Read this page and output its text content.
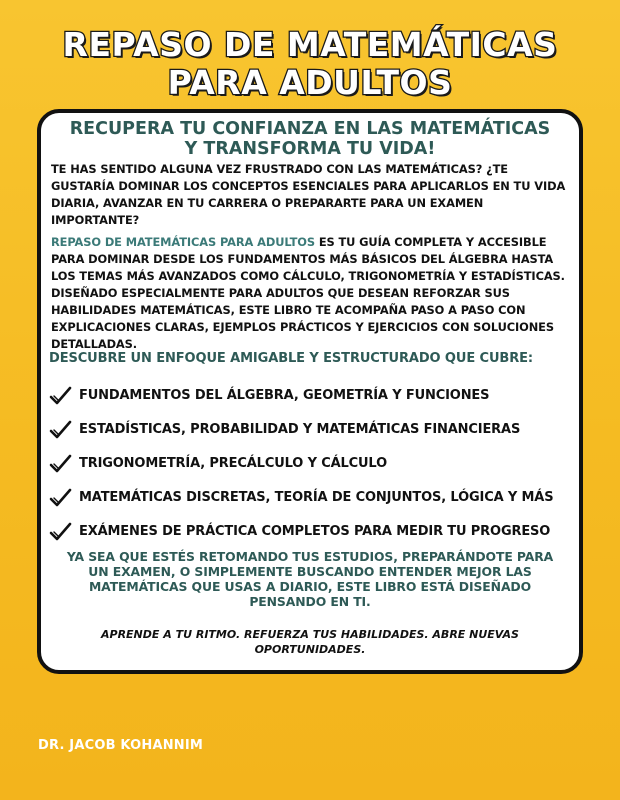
REPASO DE MATEMÁTICAS
PARA ADULTOS
RECUPERA TU CONFIANZA EN LAS MATEMÁTICAS
Y TRANSFORMA TU VIDA!

TE HAS SENTIDO ALGUNA VEZ FRUSTRADO CON LAS MATEMÁTICAS? ¿TE GUSTARÍA DOMINAR LOS CONCEPTOS ESENCIALES PARA APLICARLOS EN TU VIDA DIARIA, AVANZAR EN TU CARRERA O PREPARARTE PARA UN EXAMEN IMPORTANTE?

REPASO DE MATEMÁTICAS PARA ADULTOS ES TU GUÍA COMPLETA Y ACCESIBLE PARA DOMINAR DESDE LOS FUNDAMENTOS MÁS BÁSICOS DEL ÁLGEBRA HASTA LOS TEMAS MÁS AVANZADOS COMO CÁLCULO, TRIGONOMETRÍA Y ESTADÍSTICAS. DISEÑADO ESPECIALMENTE PARA ADULTOS QUE DESEAN REFORZAR SUS HABILIDADES MATEMÁTICAS, ESTE LIBRO TE ACOMPAÑA PASO A PASO CON EXPLICACIONES CLARAS, EJEMPLOS PRÁCTICOS Y EJERCICIOS CON SOLUCIONES DETALLADAS.

DESCUBRE UN ENFOQUE AMIGABLE Y ESTRUCTURADO QUE CUBRE:
FUNDAMENTOS DEL ÁLGEBRA, GEOMETRÍA Y FUNCIONES
ESTADÍSTICAS, PROBABILIDAD Y MATEMÁTICAS FINANCIERAS
TRIGONOMETRÍA, PRECÁLCULO Y CÁLCULO
MATEMÁTICAS DISCRETAS, TEORÍA DE CONJUNTOS, LÓGICA Y MÁS
EXÁMENES DE PRÁCTICA COMPLETOS PARA MEDIR TU PROGRESO

YA SEA QUE ESTÉS RETOMANDO TUS ESTUDIOS, PREPARÁNDOTE PARA UN EXAMEN, O SIMPLEMENTE BUSCANDO ENTENDER MEJOR LAS MATEMÁTICAS QUE USAS A DIARIO, ESTE LIBRO ESTÁ DISEÑADO PENSANDO EN TI.

APRENDE A TU RITMO. REFUERZA TUS HABILIDADES. ABRE NUEVAS OPORTUNIDADES.

DR. JACOB KOHANNIM
